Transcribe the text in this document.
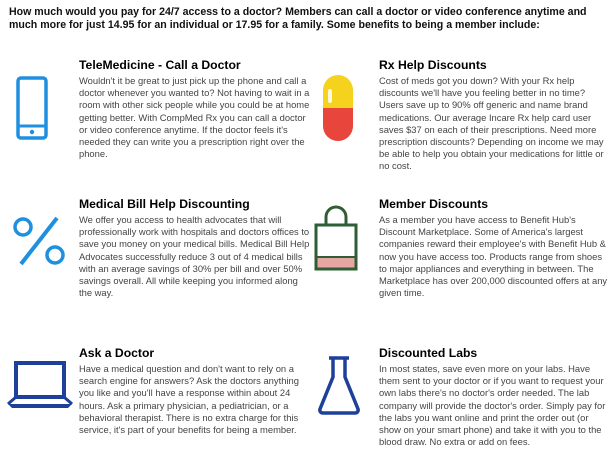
How much would you pay for 24/7 access to a doctor? Members can call a doctor or video conference anytime and much more for just 14.95 for an individual or 17.95 for a family. Some benefits to being a member include:
TeleMedicine - Call a Doctor

Wouldn't it be great to just pick up the phone and call a doctor whenever you wanted to? Not having to wait in a room with other sick people while you could be at home getting better. With CompMed Rx you can call a doctor or video conference anytime. If the doctor feels it's needed they can write you a prescription right over the phone.

Rx Help Discounts

Cost of meds got you down? With your Rx help discounts we'll have you feeling better in no time? Users save up to 90% off generic and name brand medications. Our average Incare Rx help card user saves $37 on each of their prescriptions. Need more prescription discounts? Depending on income we may be able to help you obtain your medications for little or no cost.

Medical Bill Help Discounting

We offer you access to health advocates that will professionally work with hospitals and doctors offices to save you money on your medical bills. Medical Bill Help Advocates successfully reduce 3 out of 4 medical bills with an average savings of 30% per bill and over 50% savings overall. All while keeping you informed along the way.

Member Discounts

As a member you have access to Benefit Hub's Discount Marketplace. Some of America's largest companies reward their employee's with Benefit Hub & now you have access too. Products range from shoes to major appliances and everything in between. The Marketplace has over 200,000 discounted offers at any given time.

Ask a Doctor

Have a medical question and don't want to rely on a search engine for answers? Ask the doctors anything you like and you'll have a response within about 24 hours. Ask a primary physician, a pediatrician, or a behavioral therapist. There is no extra charge for this service, it's part of your benefits for being a member.

Discounted Labs

In most states, save even more on your labs. Have them sent to your doctor or if you want to request your own labs there's no doctor's order needed. The lab company will provide the doctor's order. Simply pay for the labs you want online and print the order out (or show on your smart phone) and take it with you to the blood draw. No extra or add on fees.
